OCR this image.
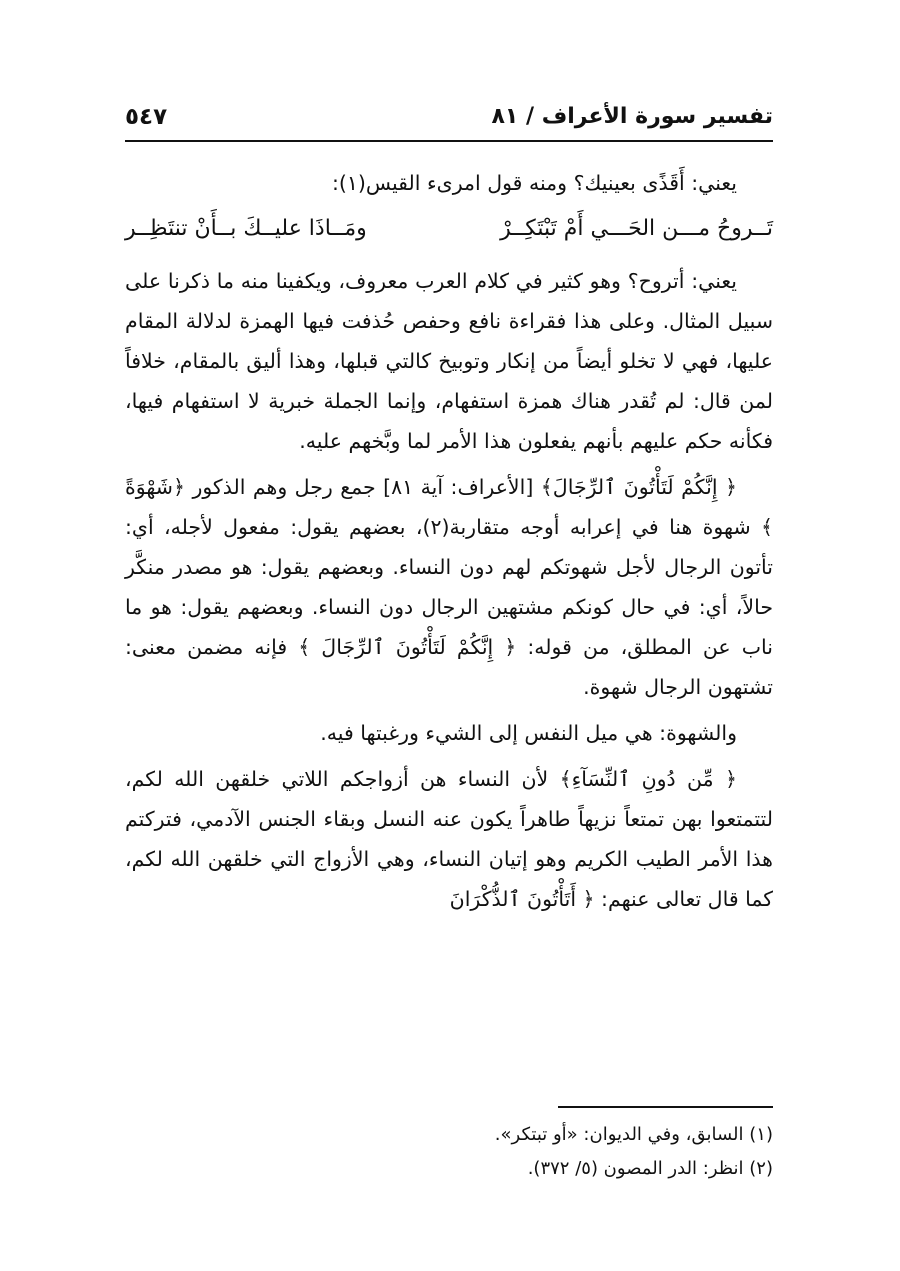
تفسير سورة الأعراف / ٨١
٥٤٧

يعني: أَقَذًى بعينيك؟ ومنه قول امرىء القيس(١):

تَــروحُ مـــن الحَـــي أَمْ تَبْتَكِــرْ
ومَــاذَا عليــكَ بــأَنْ تنتَظِــر

يعني: أتروح؟ وهو كثير في كلام العرب معروف، ويكفينا منه ما ذكرنا على سبيل المثال. وعلى هذا فقراءة نافع وحفص حُذفت فيها الهمزة لدلالة المقام عليها، فهي لا تخلو أيضاً من إنكار وتوبيخ كالتي قبلها، وهذا أليق بالمقام، خلافاً لمن قال: لم تُقدر هناك همزة استفهام، وإنما الجملة خبرية لا استفهام فيها، فكأنه حكم عليهم بأنهم يفعلون هذا الأمر لما وبَّخهم عليه.

﴿ إِنَّكُمْ لَتَأْتُونَ ٱلرِّجَالَ﴾ [الأعراف: آية ٨١] جمع رجل وهم الذكور ﴿شَهْوَةً ﴾ شهوة هنا في إعرابه أوجه متقاربة(٢)، بعضهم يقول: مفعول لأجله، أي: تأتون الرجال لأجل شهوتكم لهم دون النساء. وبعضهم يقول: هو مصدر منكَّر حالاً، أي: في حال كونكم مشتهين الرجال دون النساء. وبعضهم يقول: هو ما ناب عن المطلق، من قوله: ﴿ إِنَّكُمْ لَتَأْتُونَ ٱلرِّجَالَ ﴾ فإنه مضمن معنى: تشتهون الرجال شهوة.

والشهوة: هي ميل النفس إلى الشيء ورغبتها فيه.

﴿ مِّن دُونِ ٱلنِّسَآءِ﴾ لأن النساء هن أزواجكم اللاتي خلقهن الله لكم، لتتمتعوا بهن تمتعاً نزيهاً طاهراً يكون عنه النسل وبقاء الجنس الآدمي، فتركتم هذا الأمر الطيب الكريم وهو إتيان النساء، وهي الأزواج التي خلقهن الله لكم، كما قال تعالى عنهم: ﴿ أَتَأْتُونَ ٱلذُّكْرَانَ

(١) السابق، وفي الديوان: «أو تبتكر».
(٢) انظر: الدر المصون (٥/ ٣٧٢).
